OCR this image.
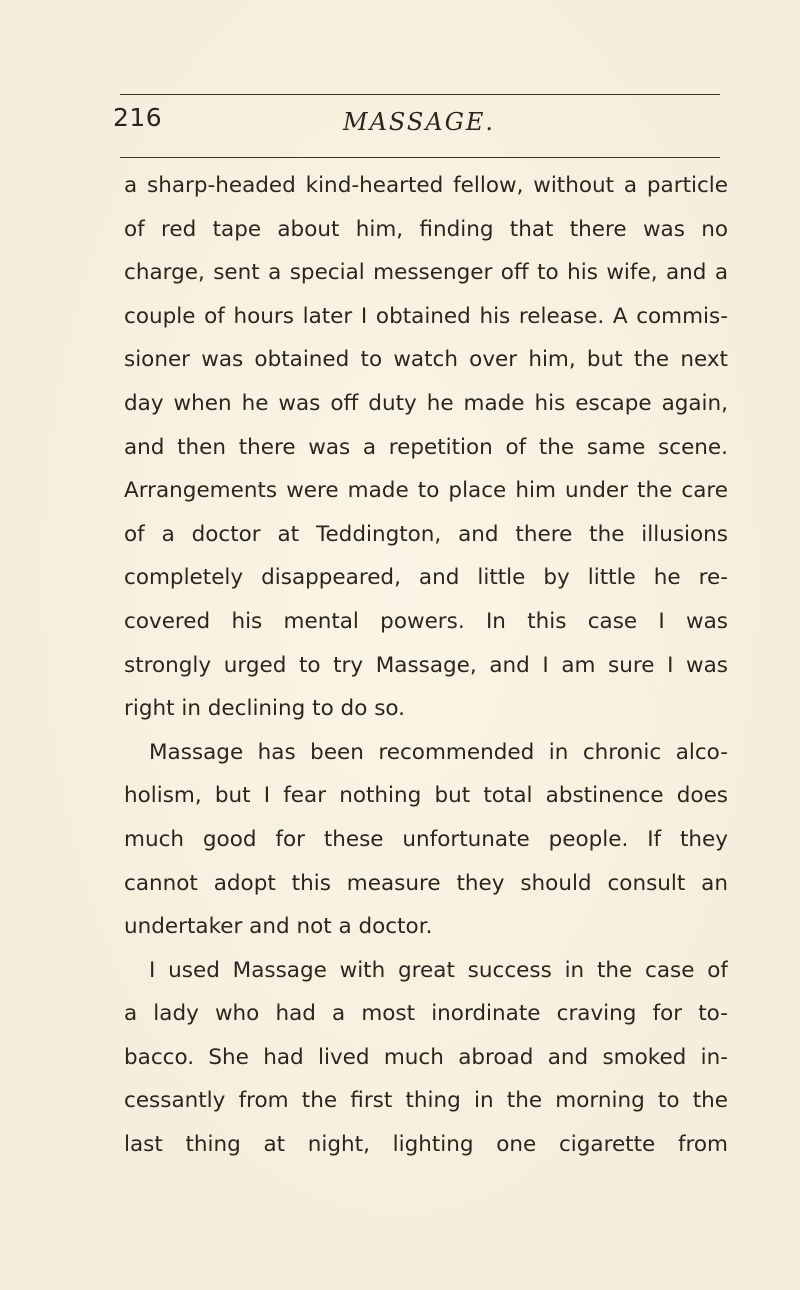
216	MASSAGE.
a sharp-headed kind-hearted fellow, without a particle
of red tape about him, finding that there was no
charge, sent a special messenger off to his wife, and a
couple of hours later I obtained his release. A commis-
sioner was obtained to watch over him, but the next
day when he was off duty he made his escape again,
and then there was a repetition of the same scene.
Arrangements were made to place him under the care
of a doctor at Teddington, and there the illusions
completely disappeared, and little by little he re-
covered his mental powers. In this case I was
strongly urged to try Massage, and I am sure I was
right in declining to do so.
Massage has been recommended in chronic alco-
holism, but I fear nothing but total abstinence does
much good for these unfortunate people. If they
cannot adopt this measure they should consult an
undertaker and not a doctor.
I used Massage with great success in the case of
a lady who had a most inordinate craving for to-
bacco. She had lived much abroad and smoked in-
cessantly from the first thing in the morning to the
last thing at night, lighting one cigarette from
